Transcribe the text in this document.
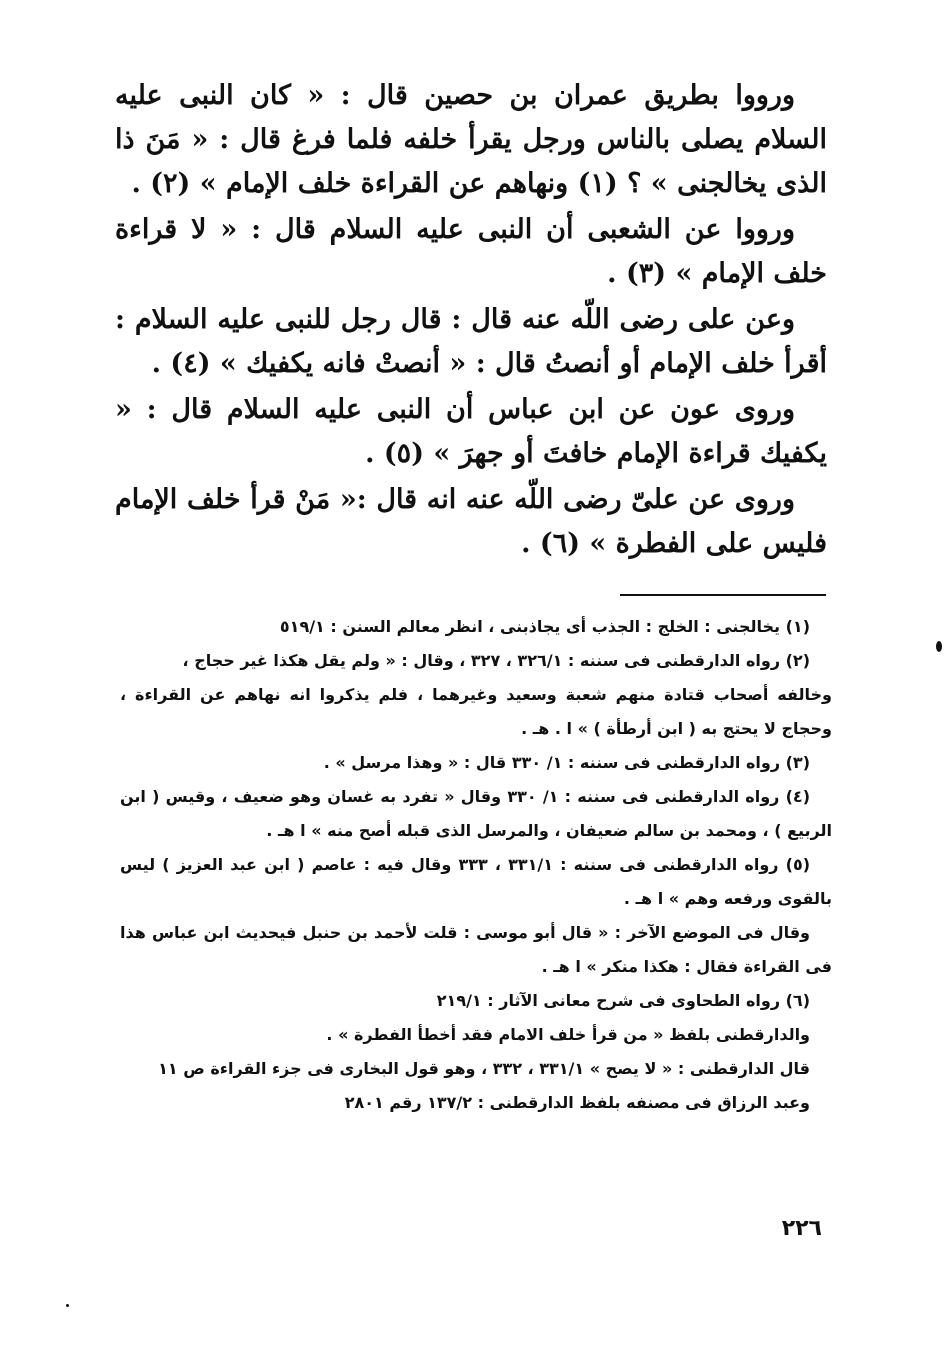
ورووا بطريق عمران بن حصين قال : « كان النبى عليه السلام يصلى بالناس ورجل يقرأ خلفه فلما فرغ قال : « مَنَ ذا الذى يخالجنى » ؟ (١) ونهاهم عن القراءة خلف الإمام » (٢) .

ورووا عن الشعبى أن النبى عليه السلام قال : « لا قراءة خلف الإمام » (٣) .

وعن على رضى اللّه عنه قال : قال رجل للنبى عليه السلام : أقرأ خلف الإمام أو أنصتُ قال : « أنصتْ فانه يكفيك » (٤) .

وروى عون عن ابن عباس أن النبى عليه السلام قال : « يكفيك قراءة الإمام خافتَ أو جهرَ » (٥) .

وروى عن علىّ رضى اللّه عنه انه قال :« مَنْ قرأ خلف الإمام فليس على الفطرة » (٦) .

(١) يخالجنى : الخلج : الجذب أى يجاذبنى ، انظر معالم السنن : ٥١٩/١

(٢) رواه الدارقطنى فى سننه : ٣٢٦/١ ، ٣٢٧ ، وقال : « ولم يقل هكذا غير حجاج ،

وخالفه أصحاب قتادة منهم شعبة وسعيد وغيرهما ، فلم يذكروا انه نهاهم عن القراءة ، وحجاج لا يحتج به ( ابن أرطأة ) » ا . هـ .

(٣) رواه الدارقطنى فى سننه : ١/ ٣٣٠ قال : « وهذا مرسل » .

(٤) رواه الدارقطنى فى سننه : ١/ ٣٣٠ وقال « تفرد به غسان وهو ضعيف ، وقيس ( ابن الربيع ) ، ومحمد بن سالم ضعيفان ، والمرسل الذى قبله أصح منه » ا هـ .

(٥) رواه الدارقطنى فى سننه : ٣٣١/١ ، ٣٣٣ وقال فيه : عاصم ( ابن عبد العزيز ) ليس بالقوى ورفعه وهم » ا هـ .

وقال فى الموضع الآخر : « قال أبو موسى : قلت لأحمد بن حنبل فيحديث ابن عباس هذا فى القراءة فقال : هكذا منكر » ا هـ .

(٦) رواه الطحاوى فى شرح معانى الآثار : ٢١٩/١

والدارقطنى بلفظ « من قرأ خلف الامام فقد أخطأ الفطرة » .

قال الدارقطنى : « لا يصح » ٣٣١/١ ، ٣٣٢ ، وهو قول البخارى فى جزء القراءة ص ١١

وعبد الرزاق فى مصنفه بلفظ الدارقطنى : ١٣٧/٢ رقم ٢٨٠١

٢٢٦
